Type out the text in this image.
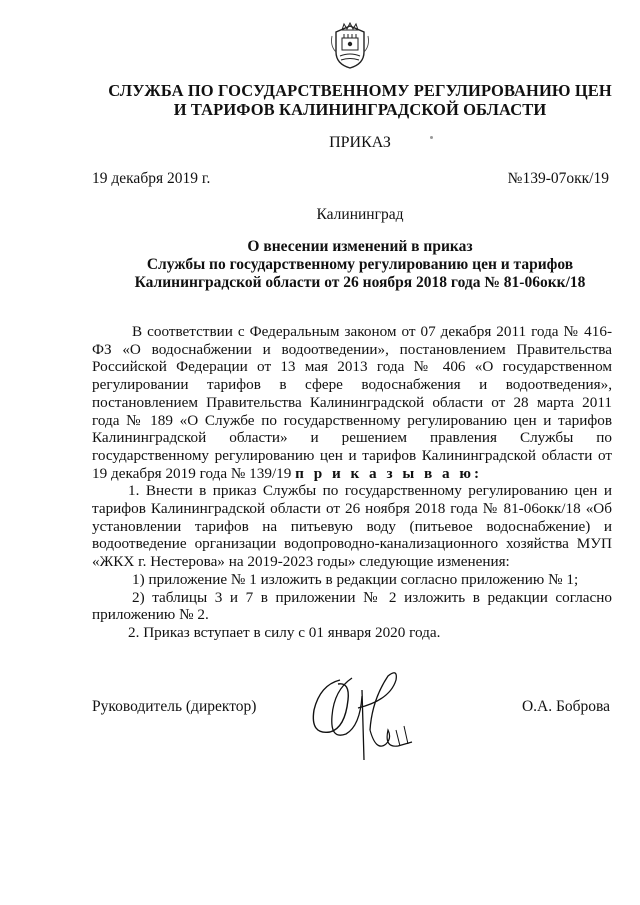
СЛУЖБА ПО ГОСУДАРСТВЕННОМУ РЕГУЛИРОВАНИЮ ЦЕН
И ТАРИФОВ КАЛИНИНГРАДСКОЙ ОБЛАСТИ
ПРИКАЗ
19 декабря 2019 г.	№139-07окк/19
Калининград
О внесении изменений в приказ
Службы по государственному регулированию цен и тарифов
Калининградской области от 26 ноября 2018 года № 81-06окк/18

В соответствии с Федеральным законом от 07 декабря 2011 года № 416-ФЗ «О водоснабжении и водоотведении», постановлением Правительства Российской Федерации от 13 мая 2013 года № 406 «О государственном регулировании тарифов в сфере водоснабжения и водоотведения», постановлением Правительства Калининградской области от 28 марта 2011 года № 189 «О Службе по государственному регулированию цен и тарифов Калининградской области» и решением правления Службы по государственному регулированию цен и тарифов Калининградской области от 19 декабря 2019 года № 139/19 п р и к а з ы в а ю:

1. Внести в приказ Службы по государственному регулированию цен и тарифов Калининградской области от 26 ноября 2018 года № 81-06окк/18 «Об установлении тарифов на питьевую воду (питьевое водоснабжение) и водоотведение организации водопроводно-канализационного хозяйства МУП «ЖКХ г. Нестерова» на 2019-2023 годы» следующие изменения:

1) приложение № 1 изложить в редакции согласно приложению № 1;

2) таблицы 3 и 7 в приложении № 2 изложить в редакции согласно приложению № 2.

2. Приказ вступает в силу с 01 января 2020 года.

Руководитель (директор)	О.А. Боброва
